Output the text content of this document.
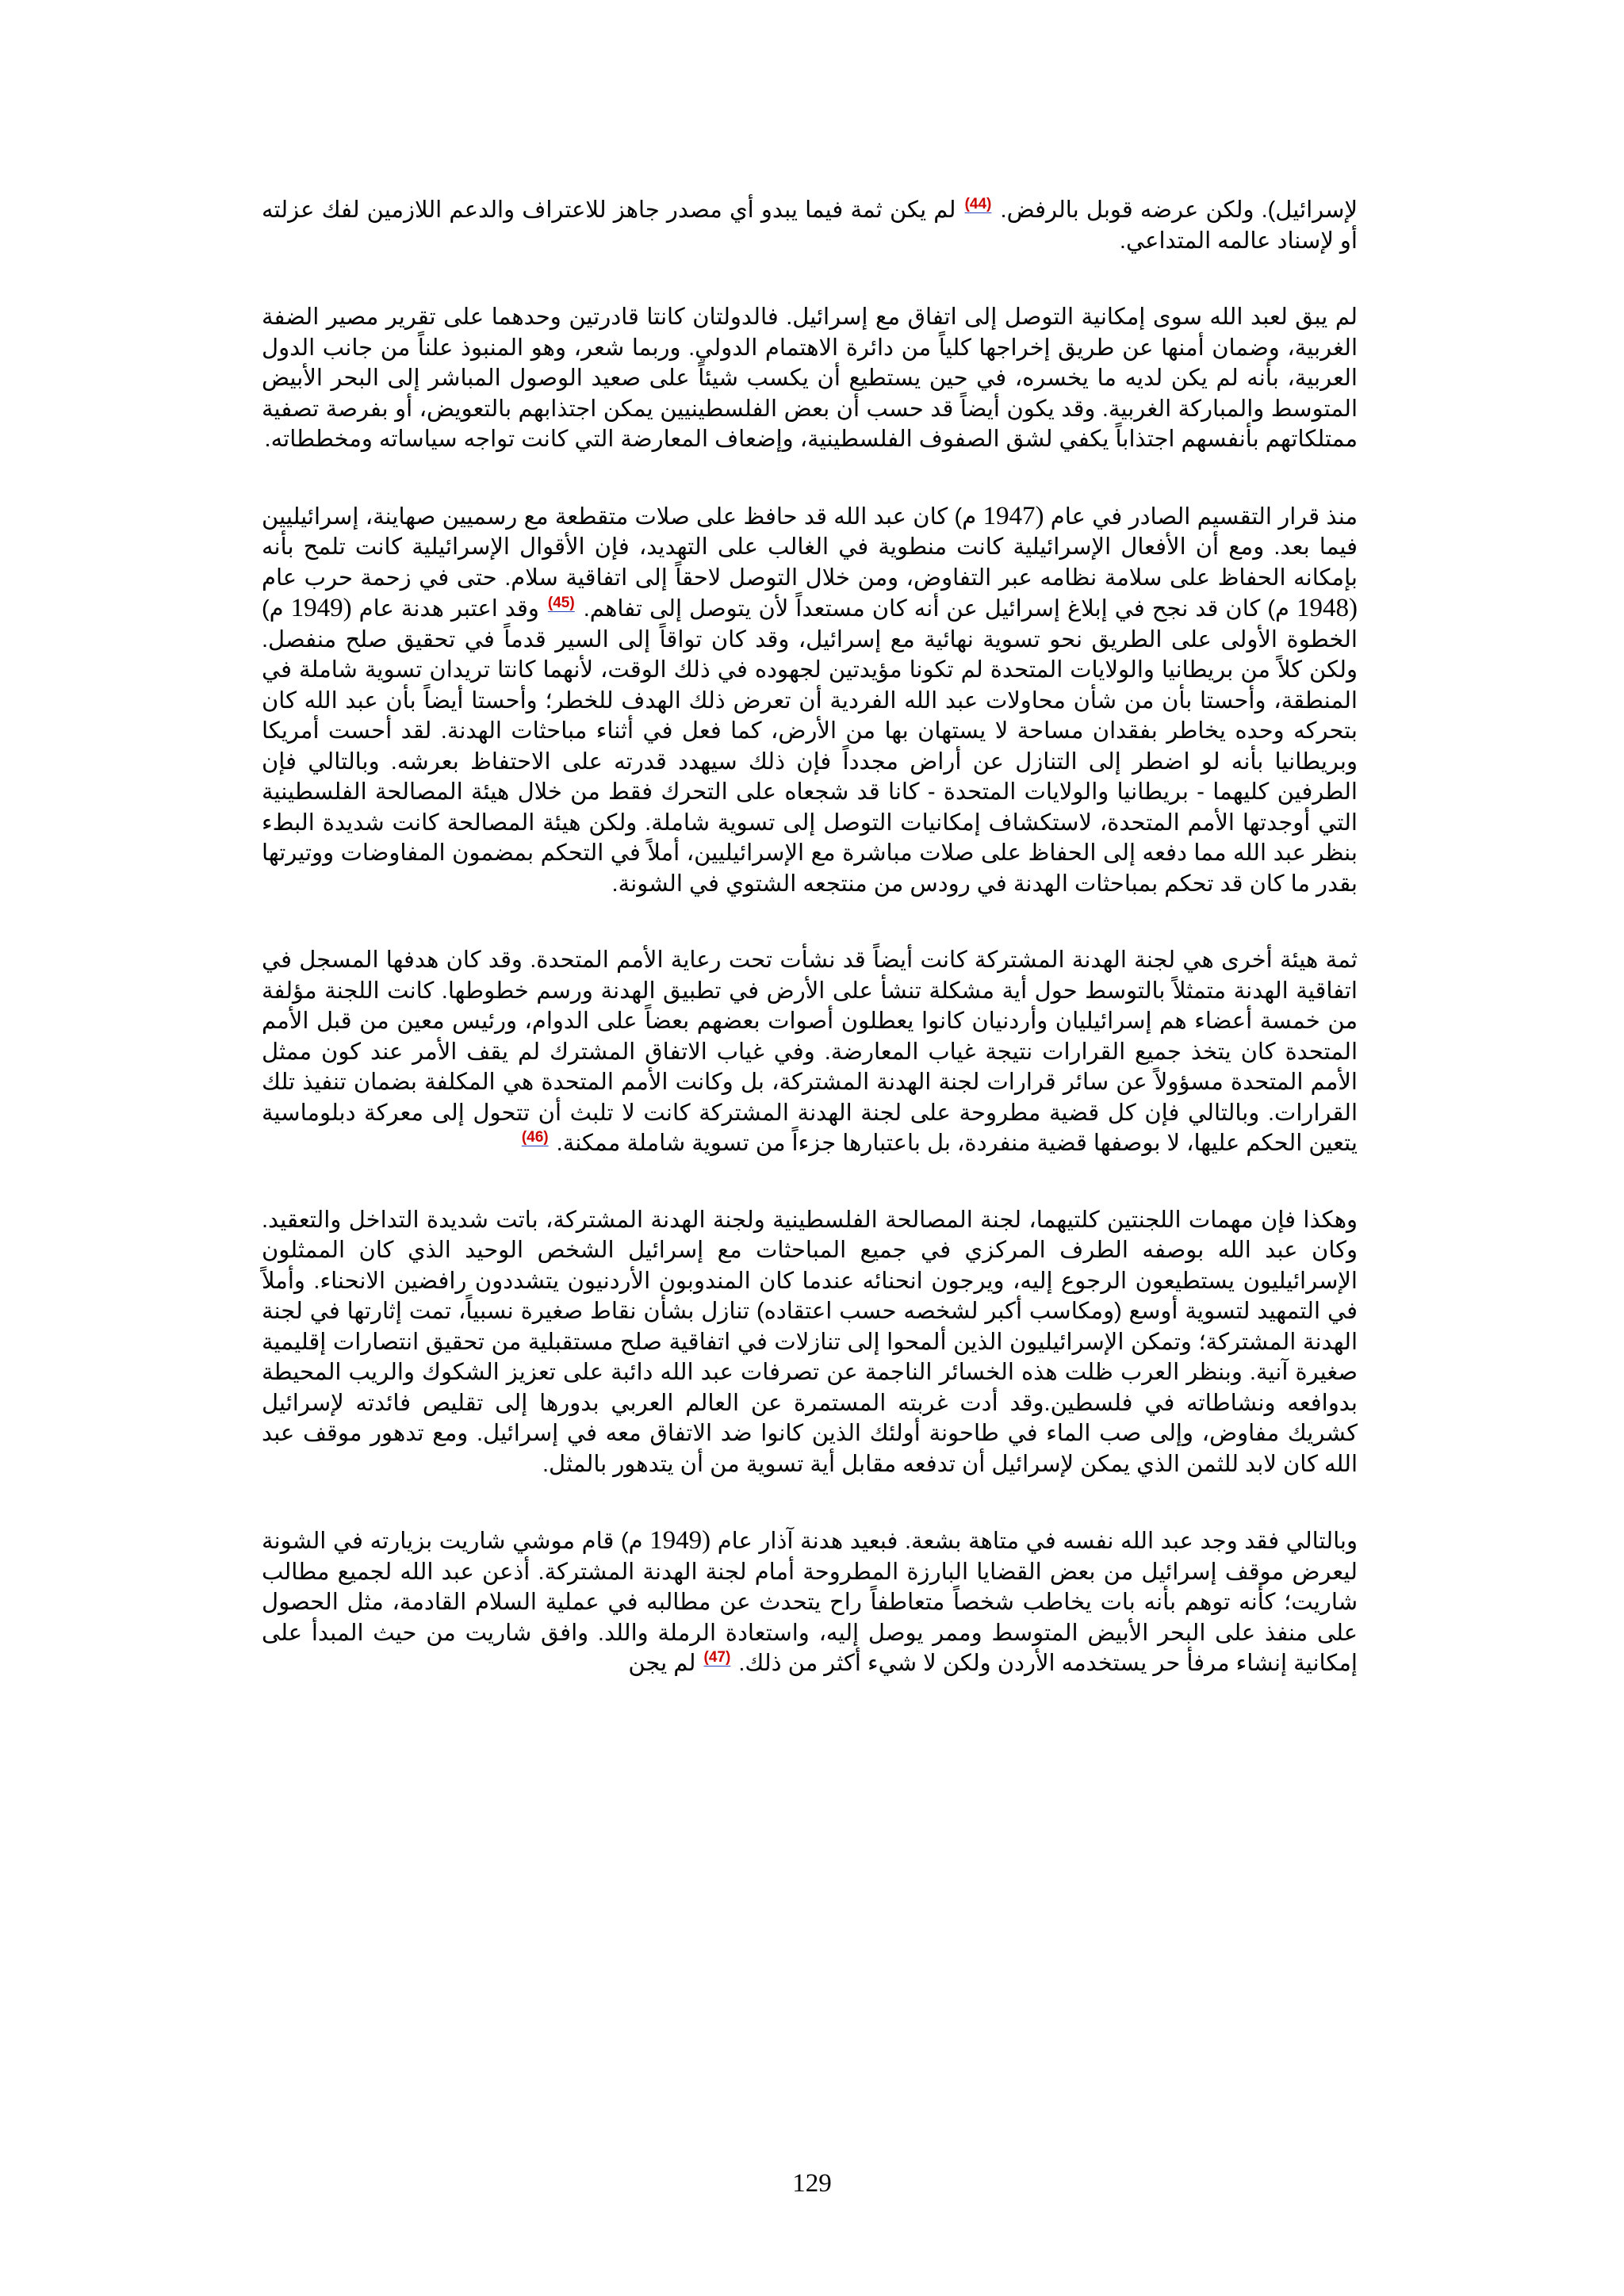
لإسرائيل). ولكن عرضه قوبل بالرفض. $^{(44)}$ لم يكن ثمة فيما يبدو أي مصدر جاهز للاعتراف والدعم اللازمين لفك عزلته أو لإسناد عالمه المتداعي.

لم يبق لعبد الله سوى إمكانية التوصل إلى اتفاق مع إسرائيل. فالدولتان كانتا قادرتين وحدهما على تقرير مصير الضفة الغربية، وضمان أمنها عن طريق إخراجها كلياً من دائرة الاهتمام الدولي. وربما شعر، وهو المنبوذ علناً من جانب الدول العربية، بأنه لم يكن لديه ما يخسره، في حين يستطيع أن يكسب شيئاً على صعيد الوصول المباشر إلى البحر الأبيض المتوسط والمباركة الغربية. وقد يكون أيضاً قد حسب أن بعض الفلسطينيين يمكن اجتذابهم بالتعويض، أو بفرصة تصفية ممتلكاتهم بأنفسهم اجتذاباً يكفي لشق الصفوف الفلسطينية، وإضعاف المعارضة التي كانت تواجه سياساته ومخططاته.

منذ قرار التقسيم الصادر في عام (1947 م) كان عبد الله قد حافظ على صلات متقطعة مع رسميين صهاينة، إسرائيليين فيما بعد. ومع أن الأفعال الإسرائيلية كانت منطوية في الغالب على التهديد، فإن الأقوال الإسرائيلية كانت تلمح بأنه بإمكانه الحفاظ على سلامة نظامه عبر التفاوض، ومن خلال التوصل لاحقاً إلى اتفاقية سلام. حتى في زحمة حرب عام (1948 م) كان قد نجح في إبلاغ إسرائيل عن أنه كان مستعداً لأن يتوصل إلى تفاهم. $^{(45)}$ وقد اعتبر هدنة عام (1949 م) الخطوة الأولى على الطريق نحو تسوية نهائية مع إسرائيل، وقد كان تواقاً إلى السير قدماً في تحقيق صلح منفصل. ولكن كلاً من بريطانيا والولايات المتحدة لم تكونا مؤيدتين لجهوده في ذلك الوقت، لأنهما كانتا تريدان تسوية شاملة في المنطقة، وأحستا بأن من شأن محاولات عبد الله الفردية أن تعرض ذلك الهدف للخطر؛ وأحستا أيضاً بأن عبد الله كان بتحركه وحده يخاطر بفقدان مساحة لا يستهان بها من الأرض، كما فعل في أثناء مباحثات الهدنة. لقد أحست أمريكا وبريطانيا بأنه لو اضطر إلى التنازل عن أراض مجدداً فإن ذلك سيهدد قدرته على الاحتفاظ بعرشه. وبالتالي فإن الطرفين كليهما - بريطانيا والولايات المتحدة - كانا قد شجعاه على التحرك فقط من خلال هيئة المصالحة الفلسطينية التي أوجدتها الأمم المتحدة، لاستكشاف إمكانيات التوصل إلى تسوية شاملة. ولكن هيئة المصالحة كانت شديدة البطء بنظر عبد الله مما دفعه إلى الحفاظ على صلات مباشرة مع الإسرائيليين، أملاً في التحكم بمضمون المفاوضات ووتيرتها بقدر ما كان قد تحكم بمباحثات الهدنة في رودس من منتجعه الشتوي في الشونة.

ثمة هيئة أخرى هي لجنة الهدنة المشتركة كانت أيضاً قد نشأت تحت رعاية الأمم المتحدة. وقد كان هدفها المسجل في اتفاقية الهدنة متمثلاً بالتوسط حول أية مشكلة تنشأ على الأرض في تطبيق الهدنة ورسم خطوطها. كانت اللجنة مؤلفة من خمسة أعضاء هم إسرائيليان وأردنيان كانوا يعطلون أصوات بعضهم بعضاً على الدوام، ورئيس معين من قبل الأمم المتحدة كان يتخذ جميع القرارات نتيجة غياب المعارضة. وفي غياب الاتفاق المشترك لم يقف الأمر عند كون ممثل الأمم المتحدة مسؤولاً عن سائر قرارات لجنة الهدنة المشتركة، بل وكانت الأمم المتحدة هي المكلفة بضمان تنفيذ تلك القرارات. وبالتالي فإن كل قضية مطروحة على لجنة الهدنة المشتركة كانت لا تلبث أن تتحول إلى معركة دبلوماسية يتعين الحكم عليها، لا بوصفها قضية منفردة، بل باعتبارها جزءاً من تسوية شاملة ممكنة. $^{(46)}$

وهكذا فإن مهمات اللجنتين كلتيهما، لجنة المصالحة الفلسطينية ولجنة الهدنة المشتركة، باتت شديدة التداخل والتعقيد. وكان عبد الله بوصفه الطرف المركزي في جميع المباحثات مع إسرائيل الشخص الوحيد الذي كان الممثلون الإسرائيليون يستطيعون الرجوع إليه، ويرجون انحنائه عندما كان المندوبون الأردنيون يتشددون رافضين الانحناء. وأملاً في التمهيد لتسوية أوسع (ومكاسب أكبر لشخصه حسب اعتقاده) تنازل بشأن نقاط صغيرة نسبياً، تمت إثارتها في لجنة الهدنة المشتركة؛ وتمكن الإسرائيليون الذين ألمحوا إلى تنازلات في اتفاقية صلح مستقبلية من تحقيق انتصارات إقليمية صغيرة آنية. وبنظر العرب ظلت هذه الخسائر الناجمة عن تصرفات عبد الله دائبة على تعزيز الشكوك والريب المحيطة بدوافعه ونشاطاته في فلسطين.وقد أدت غربته المستمرة عن العالم العربي بدورها إلى تقليص فائدته لإسرائيل كشريك مفاوض، وإلى صب الماء في طاحونة أولئك الذين كانوا ضد الاتفاق معه في إسرائيل. ومع تدهور موقف عبد الله كان لابد للثمن الذي يمكن لإسرائيل أن تدفعه مقابل أية تسوية من أن يتدهور بالمثل.

وبالتالي فقد وجد عبد الله نفسه في متاهة بشعة. فبعيد هدنة آذار عام (1949 م) قام موشي شاريت بزيارته في الشونة ليعرض موقف إسرائيل من بعض القضايا البارزة المطروحة أمام لجنة الهدنة المشتركة. أذعن عبد الله لجميع مطالب شاريت؛ كأنه توهم بأنه بات يخاطب شخصاً متعاطفاً راح يتحدث عن مطالبه في عملية السلام القادمة، مثل الحصول على منفذ على البحر الأبيض المتوسط وممر يوصل إليه، واستعادة الرملة واللد. وافق شاريت من حيث المبدأ على إمكانية إنشاء مرفأ حر يستخدمه الأردن ولكن لا شيء أكثر من ذلك. $^{(47)}$ لم يجن

129
